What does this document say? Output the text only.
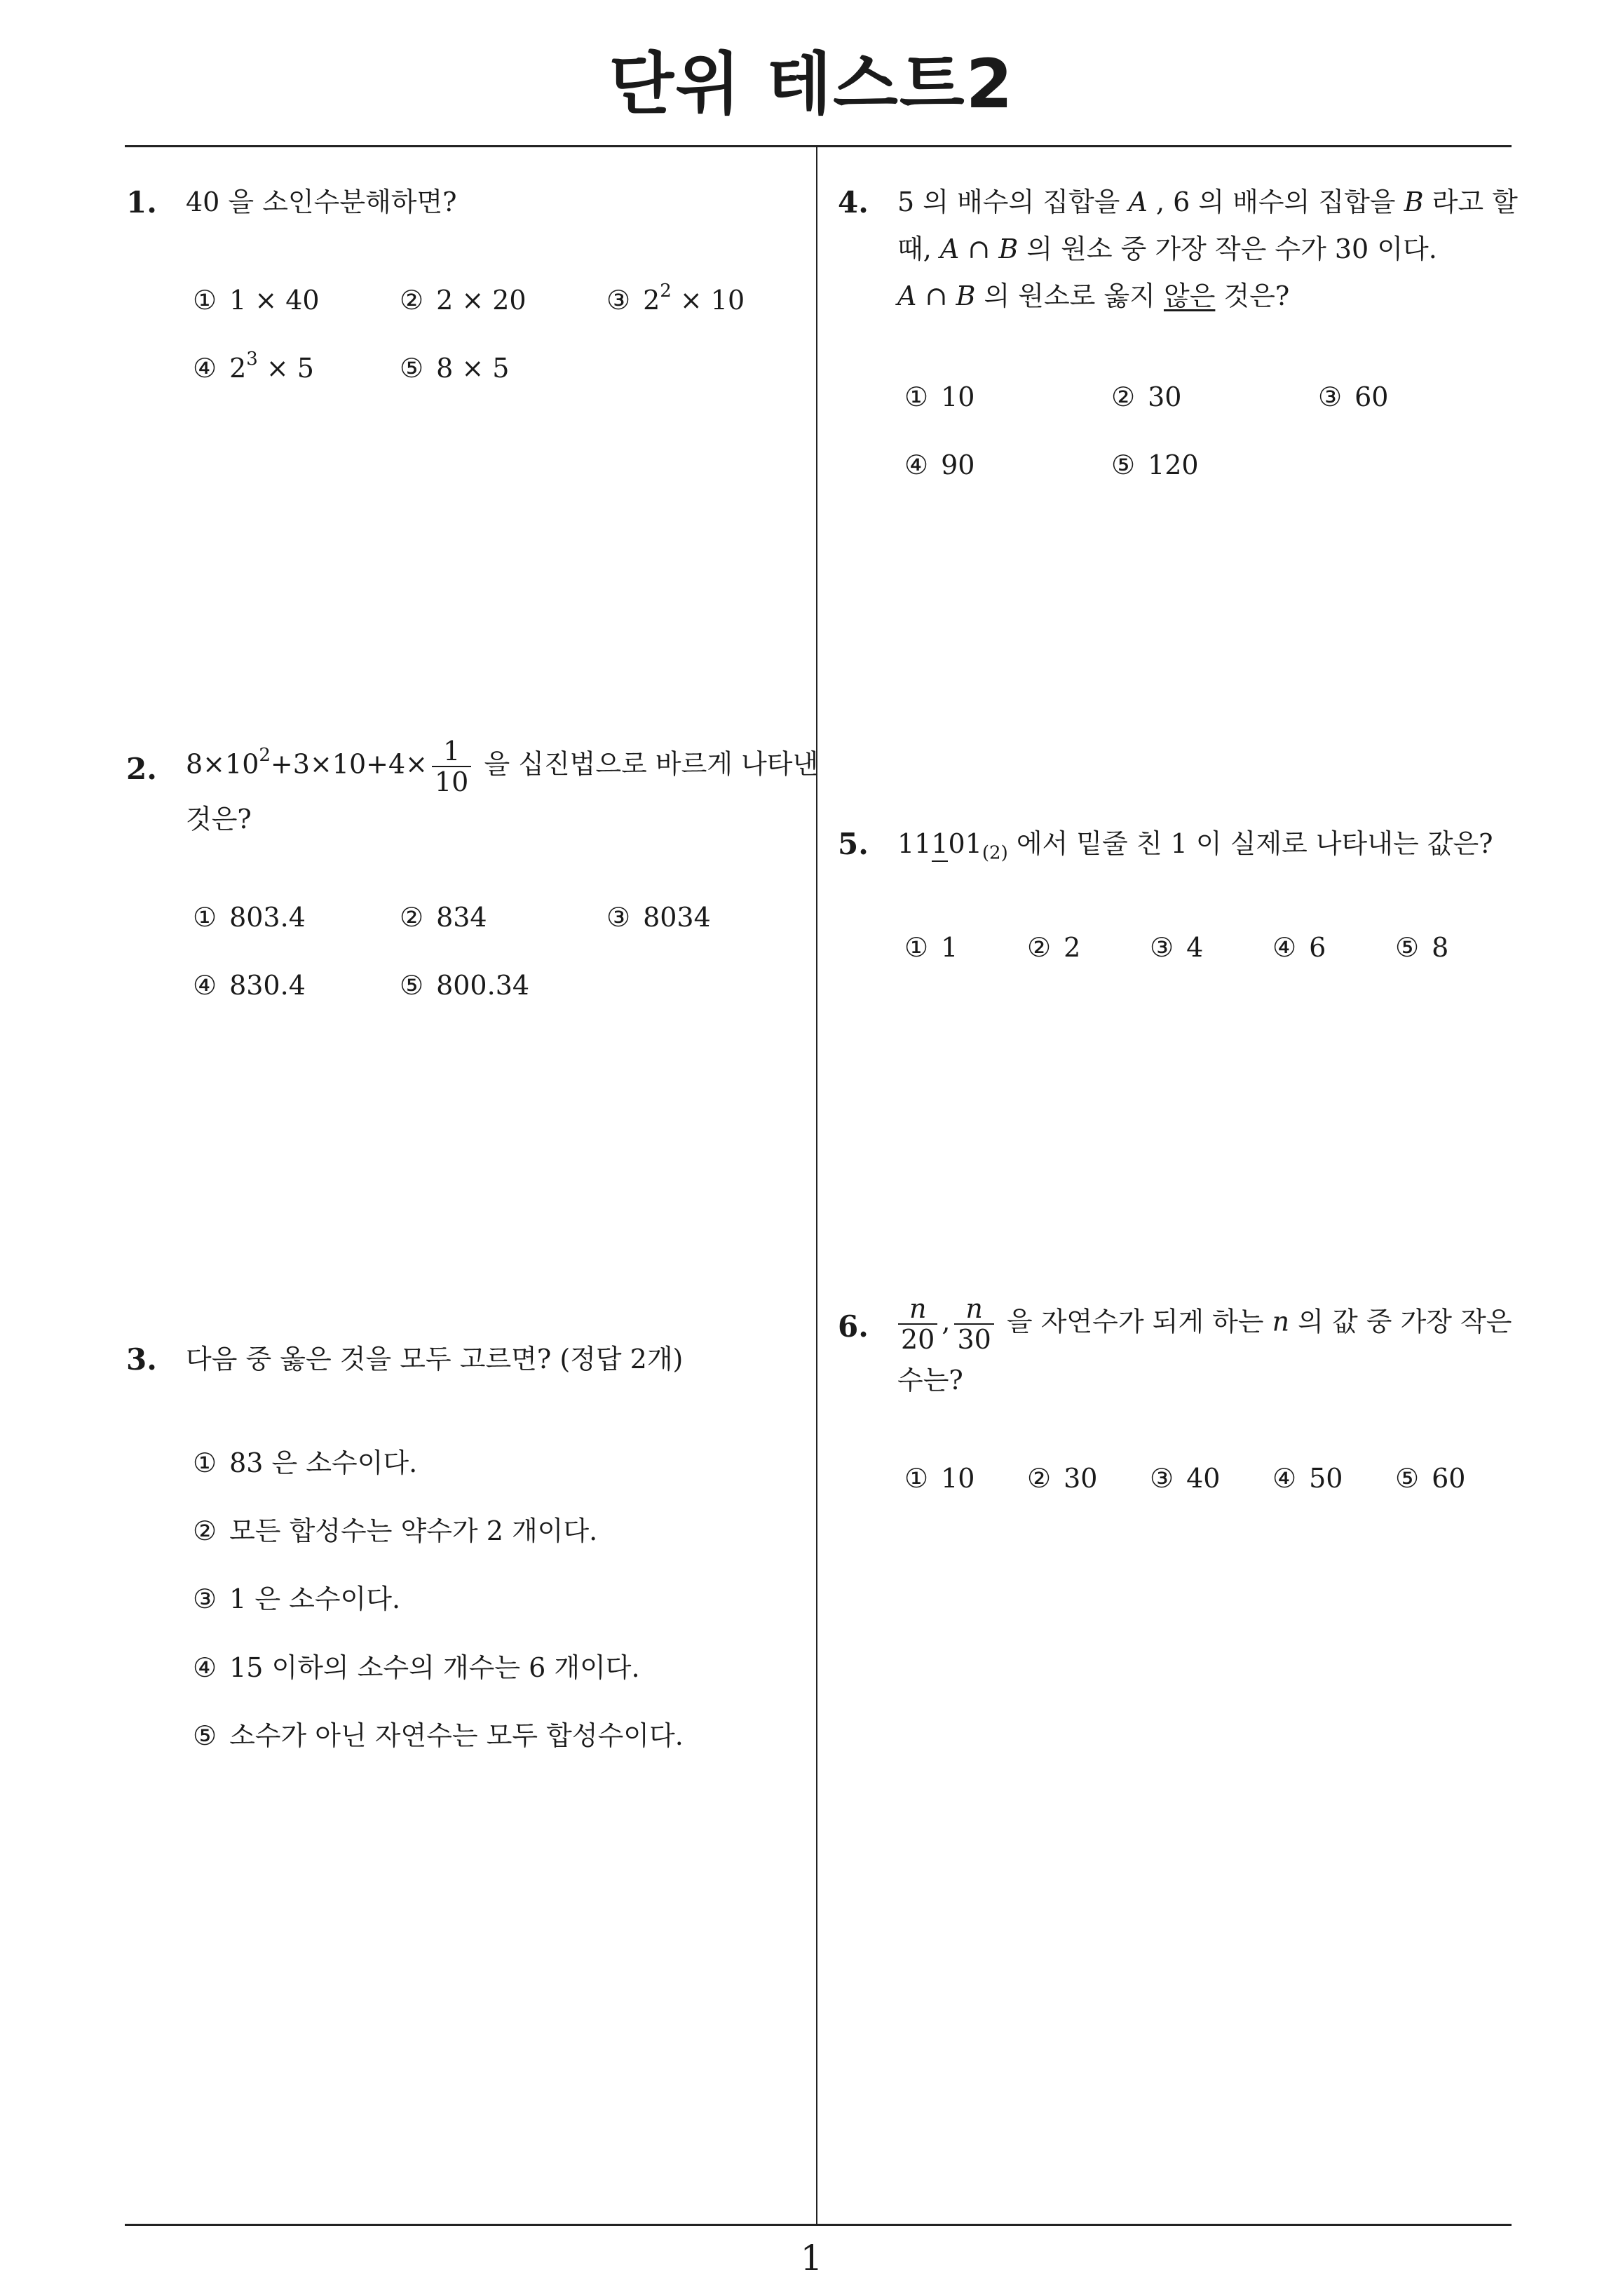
단위 테스트2
1. 40 을 소인수분해하면?
① 1 × 40	② 2 × 20	③ $2^2 \times 10$
④ $2^3 \times 5$	⑤ 8 × 5
2. $8\times 10^2+3\times 10+4\times \frac{1}{10}$ 을 십진법으로 바르게 나타낸
것은?
① 803.4	② 834	③ 8034
④ 830.4	⑤ 800.34
3. 다음 중 옳은 것을 모두 고르면? (정답 2개)
① 83 은 소수이다.
② 모든 합성수는 약수가 2 개이다.
③ 1 은 소수이다.
④ 15 이하의 소수의 개수는 6 개이다.
⑤ 소수가 아닌 자연수는 모두 합성수이다.
4. 5 의 배수의 집합을 A , 6 의 배수의 집합을 B 라고 할
때, A ∩ B 의 원소 중 가장 작은 수가 30 이다.
A ∩ B 의 원소로 옳지 않은 것은?
① 10	② 30	③ 60
④ 90	⑤ 120
5. $11101_{(2)}$ 에서 밑줄 친 1 이 실제로 나타내는 값은?
① 1	② 2	③ 4	④ 6	⑤ 8
6. $\frac{n}{20}$ , $\frac{n}{30}$ 을 자연수가 되게 하는 n 의 값 중 가장 작은
수는?
① 10 ② 30 ③ 40 ④ 50 ⑤ 60
1
